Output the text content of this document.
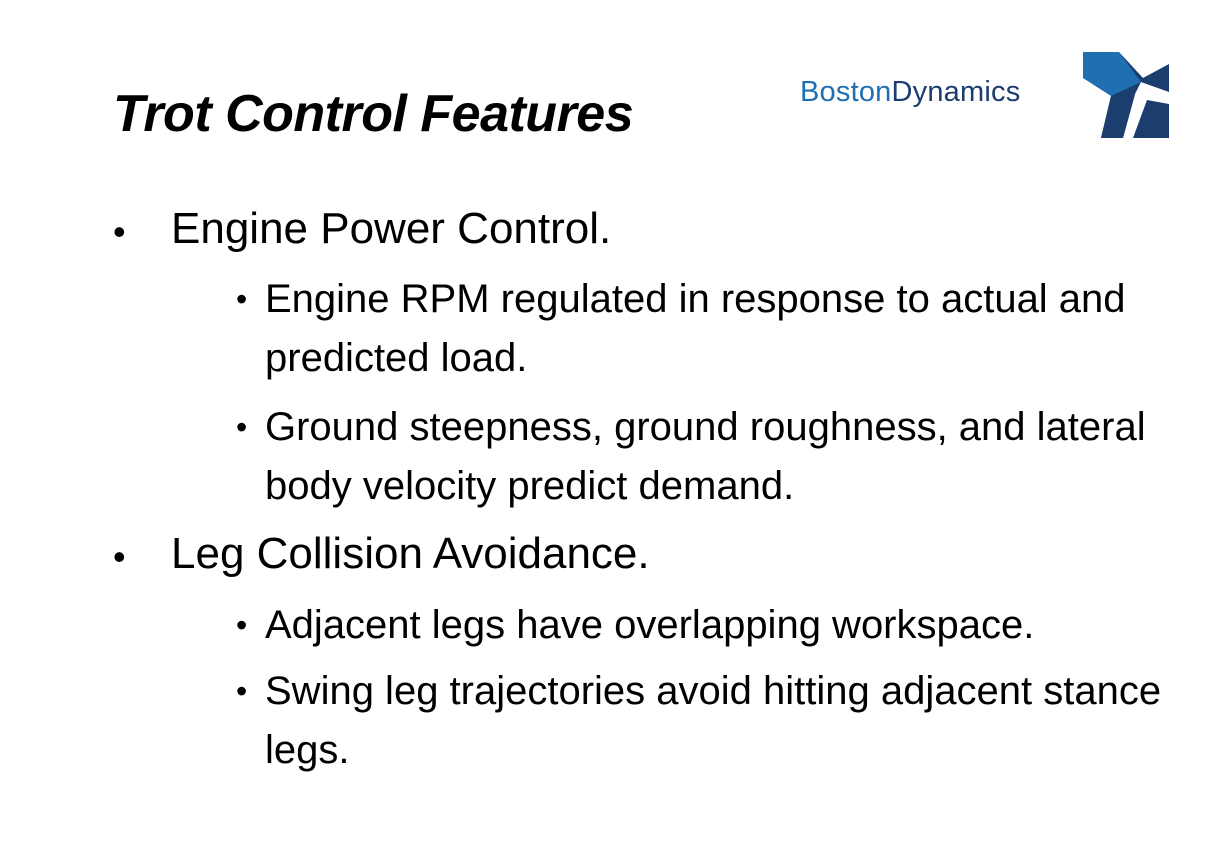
Trot Control Features	BostonDynamics
• Engine Power Control.
• Engine RPM regulated in response to actual and predicted load.
• Ground steepness, ground roughness, and lateral body velocity predict demand.
• Leg Collision Avoidance.
• Adjacent legs have overlapping workspace.
• Swing leg trajectories avoid hitting adjacent stance legs.
